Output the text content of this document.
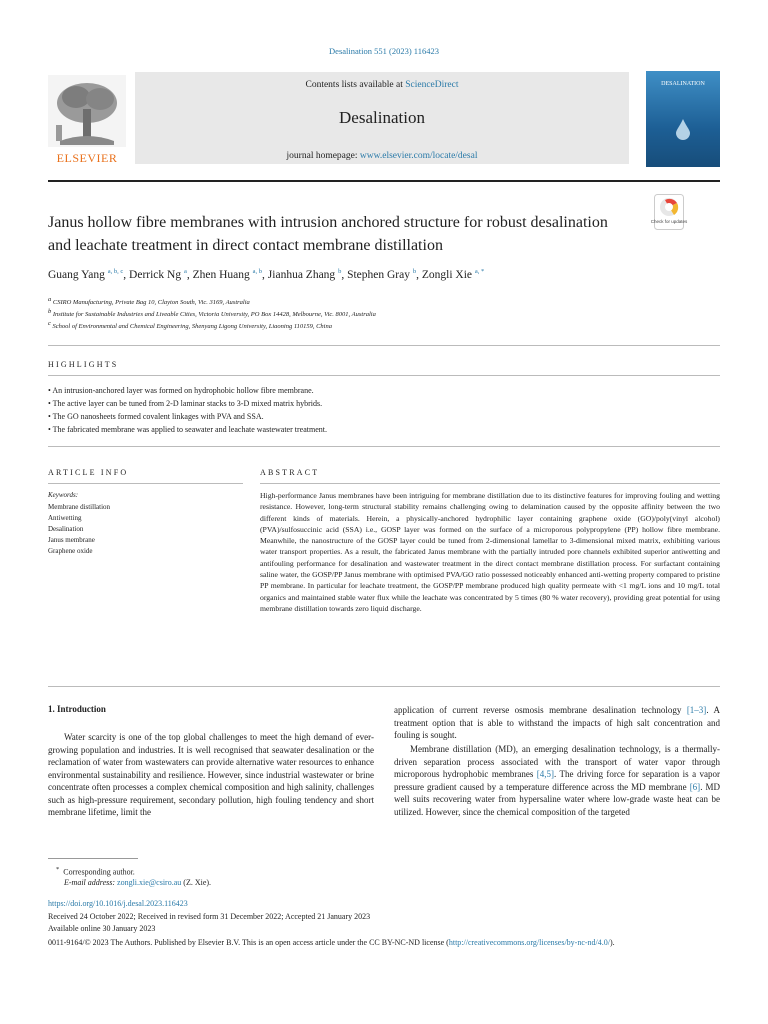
Desalination 551 (2023) 116423
Contents lists available at ScienceDirect
Desalination
journal homepage: www.elsevier.com/locate/desal
ELSEVIER
DESALINATION
Janus hollow fibre membranes with intrusion anchored structure for robust desalination and leachate treatment in direct contact membrane distillation
Check for updates
Guang Yang $^{a, b, c}$, Derrick Ng $^a$, Zhen Huang $^{a, b}$, Jianhua Zhang $^b$, Stephen Gray $^b$, Zongli Xie $^{a, *}$
$^a$ CSIRO Manufacturing, Private Bag 10, Clayton South, Vic. 3169, Australia
$^b$ Institute for Sustainable Industries and Liveable Cities, Victoria University, PO Box 14428, Melbourne, Vic. 8001, Australia
$^c$ School of Environmental and Chemical Engineering, Shenyang Ligong University, Liaoning 110159, China
HIGHLIGHTS
• An intrusion-anchored layer was formed on hydrophobic hollow fibre membrane.
• The active layer can be tuned from 2-D laminar stacks to 3-D mixed matrix hybrids.
• The GO nanosheets formed covalent linkages with PVA and SSA.
• The fabricated membrane was applied to seawater and leachate wastewater treatment.
ARTICLE INFO	ABSTRACT
Keywords:
Membrane distillation
Antiwetting
Desalination
Janus membrane
Graphene oxide
High-performance Janus membranes have been intriguing for membrane distillation due to its distinctive features for improving fouling and wetting resistance. However, long-term structural stability remains challenging owing to delamination caused by the opposite affinity between the two different kinds of materials. Herein, a physically-anchored hydrophilic layer containing graphene oxide (GO)/poly(vinyl alcohol) (PVA)/sulfosuccinic acid (SSA) i.e., GOSP layer was formed on the surface of a microporous polypropylene (PP) hollow fibre membrane. Meanwhile, the nanostructure of the GOSP layer could be tuned from 2-dimensional lamellar to 3-dimensional mixed matrix, exhibiting various water transport properties. As a result, the fabricated Janus membrane with the partially intruded pore channels exhibited superior antiwetting and antifouling performance for desalination and wastewater treatment in the direct contact membrane distillation process. For surfactant containing saline water, the GOSP/PP Janus membrane with optimised PVA/GO ratio possessed noticeably enhanced anti-wetting property compared to pristine PP membrane. In particular for leachate treatment, the GOSP/PP membrane produced high quality permeate with <1 mg/L ions and 10 mg/L total organics and maintained stable water flux while the leachate was concentrated by 5 times (80 % water recovery), providing great potential for using membrane distillation towards zero liquid discharge.
1. Introduction
Water scarcity is one of the top global challenges to meet the high demand of ever-growing population and industries. It is well recognised that seawater desalination or the reclamation of water from wastewaters can provide alternative water resources to enhance environmental sustainability and resilience. However, since industrial wastewater or brine concentrate often processes a complex chemical composition and high salinity, challenges such as high-pressure requirement, secondary pollution, high fouling tendency and short membrane lifetime, limit the
application of current reverse osmosis membrane desalination technology [1–3]. A treatment option that is able to withstand the impacts of high salt concentration and fouling is sought.
Membrane distillation (MD), an emerging desalination technology, is a thermally-driven separation process associated with the transport of water vapor through microporous hydrophobic membranes [4,5]. The driving force for separation is a vapor pressure gradient caused by a temperature difference across the MD membrane [6]. MD well suits recovering water from hypersaline water where low-grade waste heat can be utilized. However, since the chemical composition of the targeted
* Corresponding author.
E-mail address: zongli.xie@csiro.au (Z. Xie).
https://doi.org/10.1016/j.desal.2023.116423
Received 24 October 2022; Received in revised form 31 December 2022; Accepted 21 January 2023
Available online 30 January 2023
0011-9164/© 2023 The Authors. Published by Elsevier B.V. This is an open access article under the CC BY-NC-ND license (http://creativecommons.org/licenses/by-nc-nd/4.0/).
